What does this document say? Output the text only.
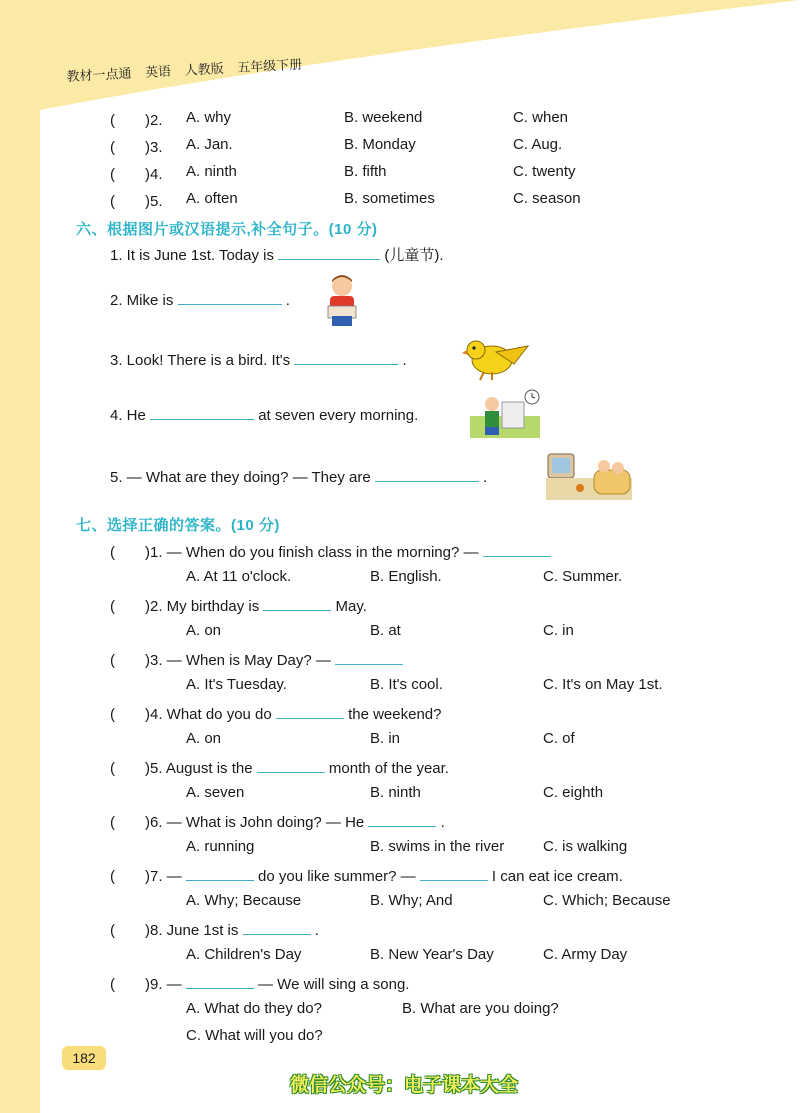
教材一点通 英语 人教版 五年级下册
(　　)2. A. why	B. weekend	C. when
(　　)3. A. Jan.	B. Monday	C. Aug.
(　　)4. A. ninth	B. fifth	C. twenty
(　　)5. A. often	B. sometimes	C. season
六、根据图片或汉语提示,补全句子。(10 分)
1. It is June 1st. Today is	(儿童节).
2. Mike is	.
3. Look! There is a bird. It's	.
4. He	at seven every morning.
5. — What are they doing? — They are	.
七、选择正确的答案。(10 分)
(　　)1. — When do you finish class in the morning? —
A. At 11 o'clock.	B. English.	C. Summer.
(　　)2. My birthday is	May.
A. on	B. at	C. in
(　　)3. — When is May Day? —
A. It's Tuesday.	B. It's cool.	C. It's on May 1st.
(　　)4. What do you do	the weekend?
A. on	B. in	C. of
(　　)5. August is the	month of the year.
A. seven	B. ninth	C. eighth
(　　)6. — What is John doing? — He	.
A. running	B. swims in the river	C. is walking
(　　)7. —	do you like summer? —	I can eat ice cream.
A. Why; Because	B. Why; And	C. Which; Because
(　　)8. June 1st is	.
A. Children's Day	B. New Year's Day	C. Army Day
(　　)9. —	— We will sing a song.
A. What do they do?	B. What are you doing?
C. What will you do?
182
微信公众号：电子课本大全
